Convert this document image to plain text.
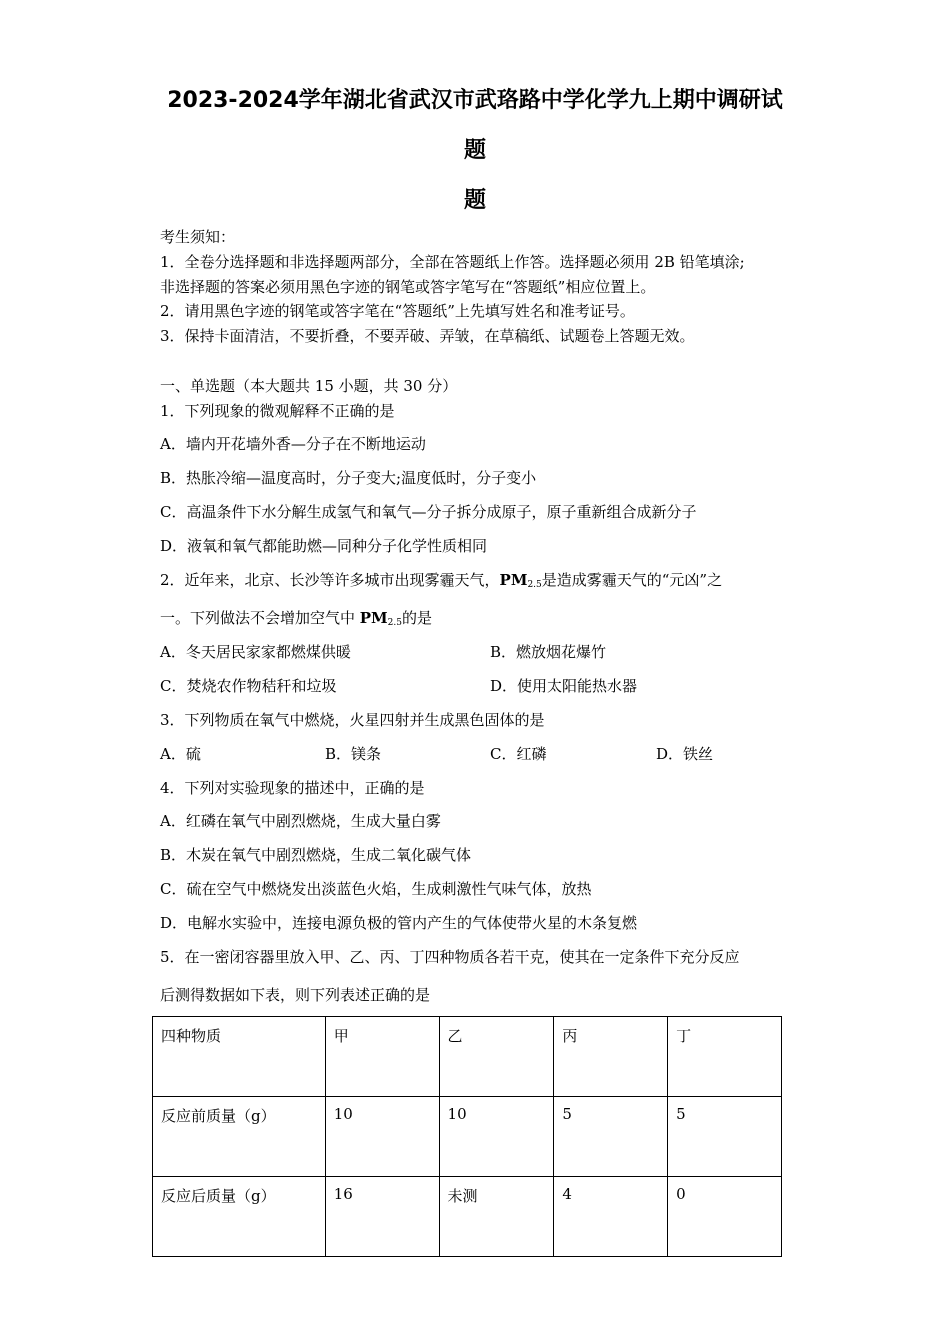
2023-2024学年湖北省武汉市武珞路中学化学九上期中调研试
题
题
考生须知：
1．全卷分选择题和非选择题两部分，全部在答题纸上作答。选择题必须用 2B 铅笔填涂;
非选择题的答案必须用黑色字迹的钢笔或答字笔写在“答题纸”相应位置上。
2．请用黑色字迹的钢笔或答字笔在“答题纸”上先填写姓名和准考证号。
3．保持卡面清洁，不要折叠，不要弄破、弄皱，在草稿纸、试题卷上答题无效。
一、单选题（本大题共 15 小题，共 30 分）
1．下列现象的微观解释不正确的是
A．墙内开花墙外香—分子在不断地运动
B．热胀冷缩—温度高时，分子变大;温度低时，分子变小
C．高温条件下水分解生成氢气和氧气—分子拆分成原子，原子重新组合成新分子
D．液氧和氧气都能助燃—同种分子化学性质相同
2．近年来，北京、长沙等许多城市出现雾霾天气，$PM_{2.5}$是造成雾霾天气的“元凶”之
一。下列做法不会增加空气中 $PM_{2.5}$的是
A．冬天居民家家都燃煤供暖	B．燃放烟花爆竹
C．焚烧农作物秸秆和垃圾	D．使用太阳能热水器
3．下列物质在氧气中燃烧，火星四射并生成黑色固体的是
A．硫	B．镁条	C．红磷	D．铁丝
4．下列对实验现象的描述中，正确的是
A．红磷在氧气中剧烈燃烧，生成大量白雾
B．木炭在氧气中剧烈燃烧，生成二氧化碳气体
C．硫在空气中燃烧发出淡蓝色火焰，生成刺激性气味气体，放热
D．电解水实验中，连接电源负极的管内产生的气体使带火星的木条复燃
5．在一密闭容器里放入甲、乙、丙、丁四种物质各若干克，使其在一定条件下充分反应
后测得数据如下表，则下列表述正确的是
四种物质	甲	乙	丙	丁
反应前质量（g）	10	10	5	5
反应后质量（g）	16	未测	4	0
